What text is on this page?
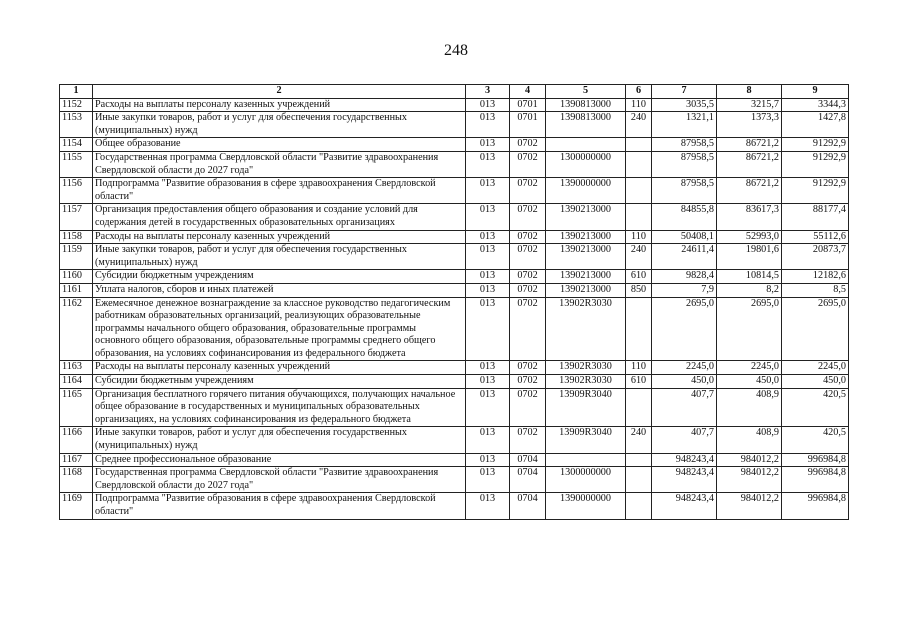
248
1	2	3	4	5	6	7	8	9
1152	Расходы на выплаты персоналу казенных учреждений	013	0701	1390813000	110	3035,5	3215,7	3344,3
1153	Иные закупки товаров, работ и услуг для обеспечения государственных (муниципальных) нужд	013	0701	1390813000	240	1321,1	1373,3	1427,8
1154	Общее образование	013	0702			87958,5	86721,2	91292,9
1155	Государственная программа Свердловской области "Развитие здравоохранения Свердловской области до 2027 года"	013	0702	1300000000		87958,5	86721,2	91292,9
1156	Подпрограмма "Развитие образования в сфере здравоохранения Свердловской области"	013	0702	1390000000		87958,5	86721,2	91292,9
1157	Организация предоставления общего образования и создание условий для содержания детей в государственных образовательных организациях	013	0702	1390213000		84855,8	83617,3	88177,4
1158	Расходы на выплаты персоналу казенных учреждений	013	0702	1390213000	110	50408,1	52993,0	55112,6
1159	Иные закупки товаров, работ и услуг для обеспечения государственных (муниципальных) нужд	013	0702	1390213000	240	24611,4	19801,6	20873,7
1160	Субсидии бюджетным учреждениям	013	0702	1390213000	610	9828,4	10814,5	12182,6
1161	Уплата налогов, сборов и иных платежей	013	0702	1390213000	850	7,9	8,2	8,5
1162	Ежемесячное денежное вознаграждение за классное руководство педагогическим работникам образовательных организаций, реализующих образовательные программы начального общего образования, образовательные программы основного общего образования, образовательные программы среднего общего образования, на условиях софинансирования из федерального бюджета	013	0702	13902R3030		2695,0	2695,0	2695,0
1163	Расходы на выплаты персоналу казенных учреждений	013	0702	13902R3030	110	2245,0	2245,0	2245,0
1164	Субсидии бюджетным учреждениям	013	0702	13902R3030	610	450,0	450,0	450,0
1165	Организация бесплатного горячего питания обучающихся, получающих начальное общее образование в государственных и муниципальных образовательных организациях, на условиях софинансирования из федерального бюджета	013	0702	13909R3040		407,7	408,9	420,5
1166	Иные закупки товаров, работ и услуг для обеспечения государственных (муниципальных) нужд	013	0702	13909R3040	240	407,7	408,9	420,5
1167	Среднее профессиональное образование	013	0704			948243,4	984012,2	996984,8
1168	Государственная программа Свердловской области "Развитие здравоохранения Свердловской области до 2027 года"	013	0704	1300000000		948243,4	984012,2	996984,8
1169	Подпрограмма "Развитие образования в сфере здравоохранения Свердловской области"	013	0704	1390000000		948243,4	984012,2	996984,8
